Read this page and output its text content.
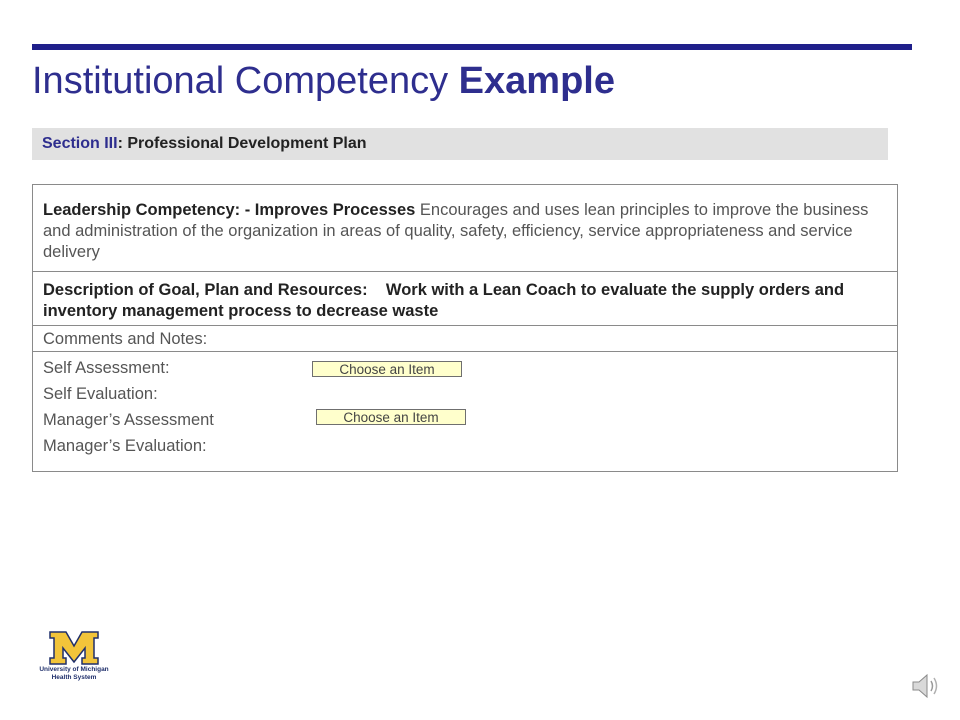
Institutional Competency Example
Section III: Professional Development Plan
Leadership Competency: - Improves Processes Encourages and uses lean principles to improve the business and administration of the organization in areas of quality, safety, efficiency, service appropriateness and service delivery
Description of Goal, Plan and Resources: Work with a Lean Coach to evaluate the supply orders and inventory management process to decrease waste
Comments and Notes:
Self Assessment:
Self Evaluation:
Manager’s Assessment
Manager’s Evaluation:
Choose an Item
Choose an Item
University of Michigan
Health System
